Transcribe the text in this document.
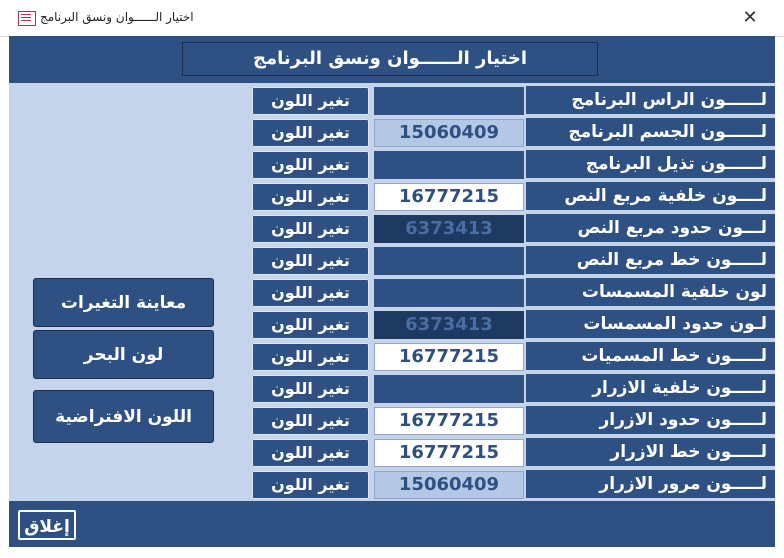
اختيار الــــــوان ونسق البرنامج	✕
اختيار الــــــوان ونسق البرنامج
لــــــون الراس البرنامج
تغير اللون
لــــــون الجسم البرنامج
15060409
تغير اللون
لــــــون تذيل البرنامج
تغير اللون
لــــون خلفية مربع النص
16777215
تغير اللون
لـــون حدود مربع النص
6373413
تغير اللون
لـــــون خط مربع النص
تغير اللون
لون خلفية المسمسات
تغير اللون
لـون حدود المسمسات
6373413
تغير اللون
لـــــون خط المسميات
16777215
تغير اللون
لـــــون خلفية الازرار
تغير اللون
لـــــون حدود الازرار
16777215
تغير اللون
لـــــون خط الازرار
16777215
تغير اللون
لـــــون مرور الازرار
15060409
تغير اللون
معاينة التغيرات
لون البحر
اللون الافتراضية
إغلاق
